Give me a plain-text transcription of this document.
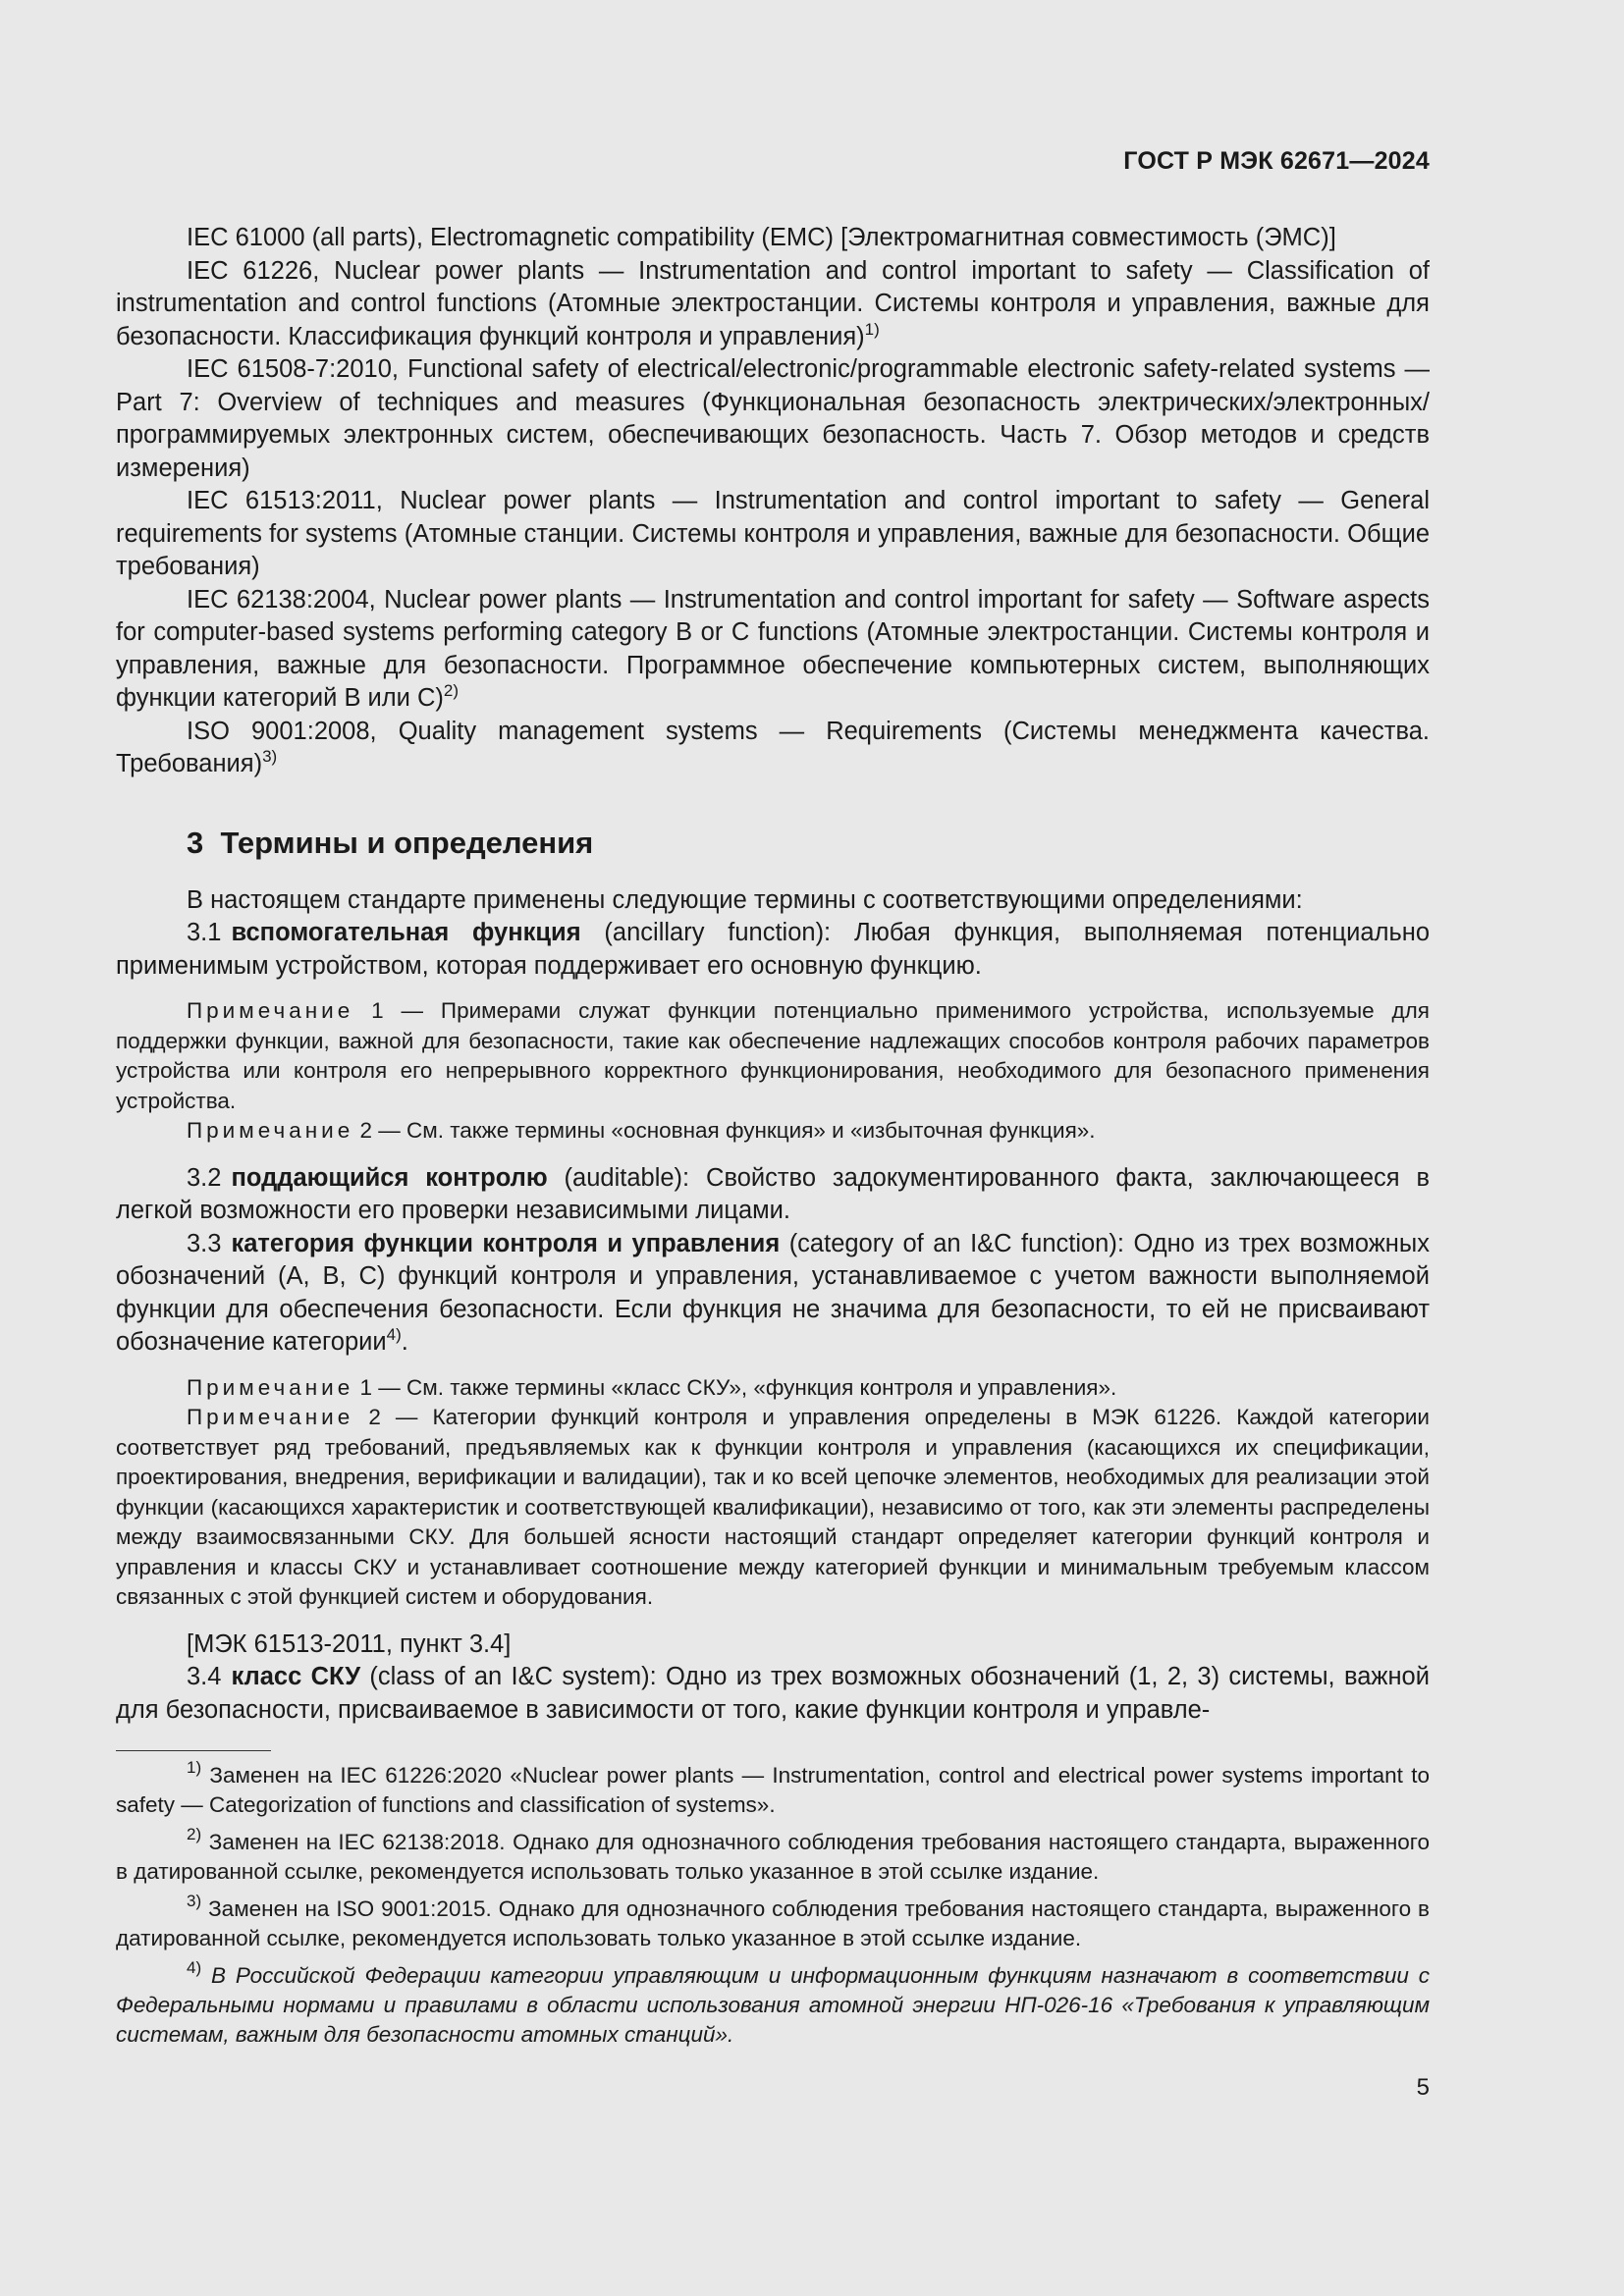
ГОСТ Р МЭК 62671—2024

IEC 61000 (all parts), Electromagnetic compatibility (EMC) [Электромагнитная совместимость (ЭМС)]

IEC 61226, Nuclear power plants — Instrumentation and control important to safety — Classification of instrumentation and control functions (Атомные электростанции. Системы контроля и управления, важные для безопасности. Классификация функций контроля и управления)$^{1)}$

IEC 61508-7:2010, Functional safety of electrical/electronic/programmable electronic safety-related systems — Part 7: Overview of techniques and measures (Функциональная безопасность электрических/электронных/программируемых электронных систем, обеспечивающих безопасность. Часть 7. Обзор методов и средств измерения)

IEC 61513:2011, Nuclear power plants — Instrumentation and control important to safety — General requirements for systems (Атомные станции. Системы контроля и управления, важные для безопасности. Общие требования)

IEC 62138:2004, Nuclear power plants — Instrumentation and control important for safety — Software aspects for computer-based systems performing category B or C functions (Атомные электростанции. Системы контроля и управления, важные для безопасности. Программное обеспечение компьютерных систем, выполняющих функции категорий В или С)$^{2)}$

ISO 9001:2008, Quality management systems — Requirements (Системы менеджмента качества. Требования)$^{3)}$

3 Термины и определения

В настоящем стандарте применены следующие термины с соответствующими определениями:

3.1 вспомогательная функция (ancillary function): Любая функция, выполняемая потенциально применимым устройством, которая поддерживает его основную функцию.

Примечание 1 — Примерами служат функции потенциально применимого устройства, используемые для поддержки функции, важной для безопасности, такие как обеспечение надлежащих способов контроля рабочих параметров устройства или контроля его непрерывного корректного функционирования, необходимого для безопасного применения устройства.

Примечание 2 — См. также термины «основная функция» и «избыточная функция».

3.2 поддающийся контролю (auditable): Свойство задокументированного факта, заключающееся в легкой возможности его проверки независимыми лицами.

3.3 категория функции контроля и управления (category of an I&C function): Одно из трех возможных обозначений (А, В, С) функций контроля и управления, устанавливаемое с учетом важности выполняемой функции для обеспечения безопасности. Если функция не значима для безопасности, то ей не присваивают обозначение категории$^{4)}$.

Примечание 1 — См. также термины «класс СКУ», «функция контроля и управления».

Примечание 2 — Категории функций контроля и управления определены в МЭК 61226. Каждой категории соответствует ряд требований, предъявляемых как к функции контроля и управления (касающихся их спецификации, проектирования, внедрения, верификации и валидации), так и ко всей цепочке элементов, необходимых для реализации этой функции (касающихся характеристик и соответствующей квалификации), независимо от того, как эти элементы распределены между взаимосвязанными СКУ. Для большей ясности настоящий стандарт определяет категории функций контроля и управления и классы СКУ и устанавливает соотношение между категорией функции и минимальным требуемым классом связанных с этой функцией систем и оборудования.

[МЭК 61513-2011, пункт 3.4]

3.4 класс СКУ (class of an I&C system): Одно из трех возможных обозначений (1, 2, 3) системы, важной для безопасности, присваиваемое в зависимости от того, какие функции контроля и управле-

$^{1)}$ Заменен на IEC 61226:2020 «Nuclear power plants — Instrumentation, control and electrical power systems important to safety — Categorization of functions and classification of systems».

$^{2)}$ Заменен на IEC 62138:2018. Однако для однозначного соблюдения требования настоящего стандарта, выраженного в датированной ссылке, рекомендуется использовать только указанное в этой ссылке издание.

$^{3)}$ Заменен на ISO 9001:2015. Однако для однозначного соблюдения требования настоящего стандарта, выраженного в датированной ссылке, рекомендуется использовать только указанное в этой ссылке издание.

$^{4)}$ В Российской Федерации категории управляющим и информационным функциям назначают в соответствии с Федеральными нормами и правилами в области использования атомной энергии НП-026-16 «Требования к управляющим системам, важным для безопасности атомных станций».

5
